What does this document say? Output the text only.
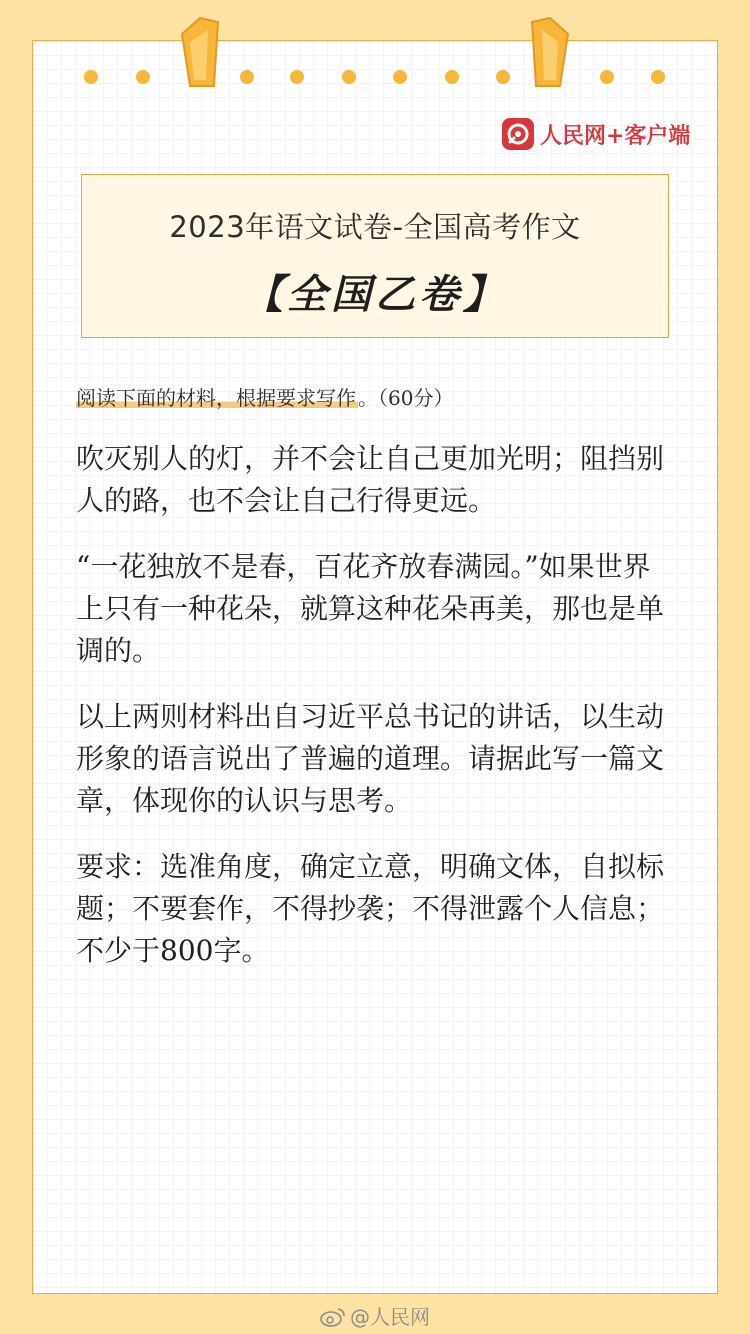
人民网+客户端
2023年语文试卷-全国高考作文
【全国乙卷】
阅读下面的材料，根据要求写作 。（60分）

吹灭别人的灯，并不会让自己更加光明；阻挡别人的路，也不会让自己行得更远。

“一花独放不是春，百花齐放春满园。”如果世界上只有一种花朵，就算这种花朵再美，那也是单调的。

以上两则材料出自习近平总书记的讲话，以生动形象的语言说出了普遍的道理。请据此写一篇文章，体现你的认识与思考。

要求：选准角度，确定立意，明确文体，自拟标题；不要套作，不得抄袭；不得泄露个人信息；不少于800字。

@人民网
